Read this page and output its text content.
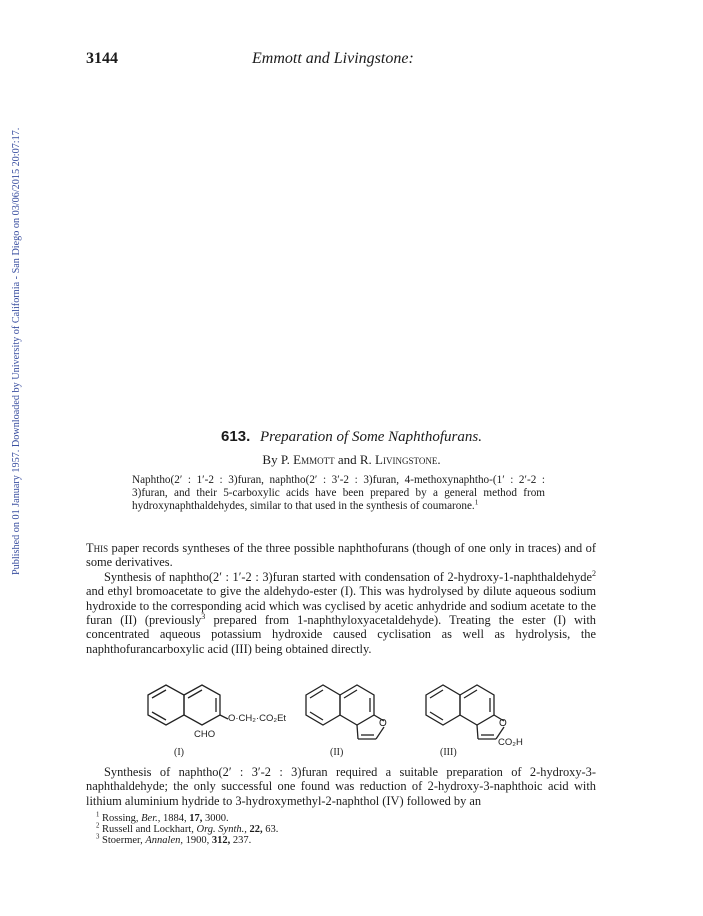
Published on 01 January 1957. Downloaded by University of California - San Diego on 03/06/2015 20:07:17.
3144	Emmott and Livingstone:
613. Preparation of Some Naphthofurans.
By P. Emmott and R. Livingstone.
Naphtho(2′ : 1′-2 : 3)furan, naphtho(2′ : 3′-2 : 3)furan, 4-methoxynaphtho-(1′ : 2′-2 : 3)furan, and their 5-carboxylic acids have been prepared by a general method from hydroxynaphthaldehydes, similar to that used in the synthesis of coumarone.$^1$

This paper records syntheses of the three possible naphthofurans (though of one only in traces) and of some derivatives.

Synthesis of naphtho(2′ : 1′-2 : 3)furan started with condensation of 2-hydroxy-1-naphthaldehyde$^2$ and ethyl bromoacetate to give the aldehydo-ester (I). This was hydrolysed by dilute aqueous sodium hydroxide to the corresponding acid which was cyclised by acetic anhydride and sodium acetate to the furan (II) (previously$^3$ prepared from 1-naphthyloxyacetaldehyde). Treating the ester (I) with concentrated aqueous potassium hydroxide caused cyclisation as well as hydrolysis, the naphthofurancarboxylic acid (III) being obtained directly.

O·CH₂·CO₂Et
CHO
(I)
O
(II)
O
CO₂H
(III)

Synthesis of naphtho(2′ : 3′-2 : 3)furan required a suitable preparation of 2-hydroxy-3-naphthaldehyde; the only successful one found was reduction of 2-hydroxy-3-naphthoic acid with lithium aluminium hydride to 3-hydroxymethyl-2-naphthol (IV) followed by an

$^1$ Rossing, Ber., 1884, 17, 3000.

$^2$ Russell and Lockhart, Org. Synth., 22, 63.

$^3$ Stoermer, Annalen, 1900, 312, 237.
